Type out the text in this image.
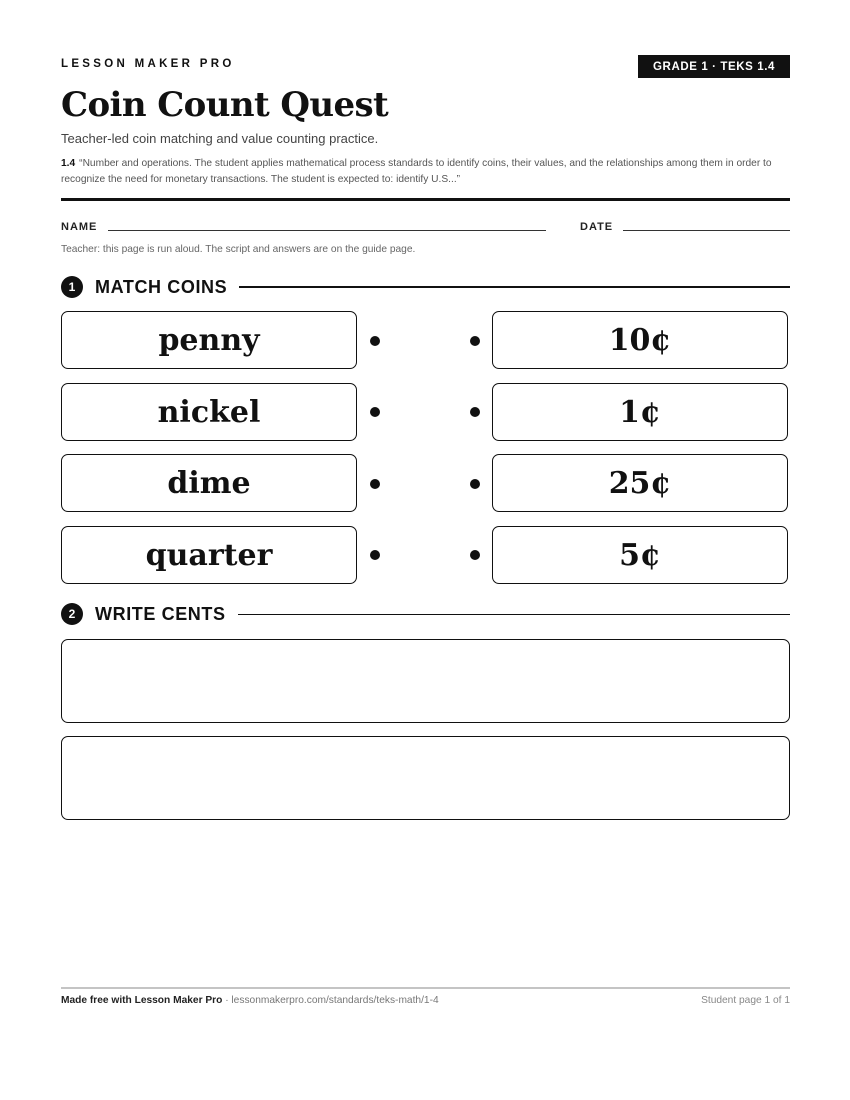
LESSON MAKER PRO	GRADE 1 · TEKS 1.4
Coin Count Quest
Teacher-led coin matching and value counting practice.
1.4 “Number and operations. The student applies mathematical process standards to identify coins, their values, and the relationships among them in order to recognize the need for monetary transactions. The student is expected to: identify U.S...”
NAME	DATE
Teacher: this page is run aloud. The script and answers are on the guide page.
1	MATCH COINS
penny	10¢
nickel	1¢
dime	25¢
quarter	5¢
2	WRITE CENTS
Made free with Lesson Maker Pro · lessonmakerpro.com/standards/teks-math/1-4	Student page 1 of 1
